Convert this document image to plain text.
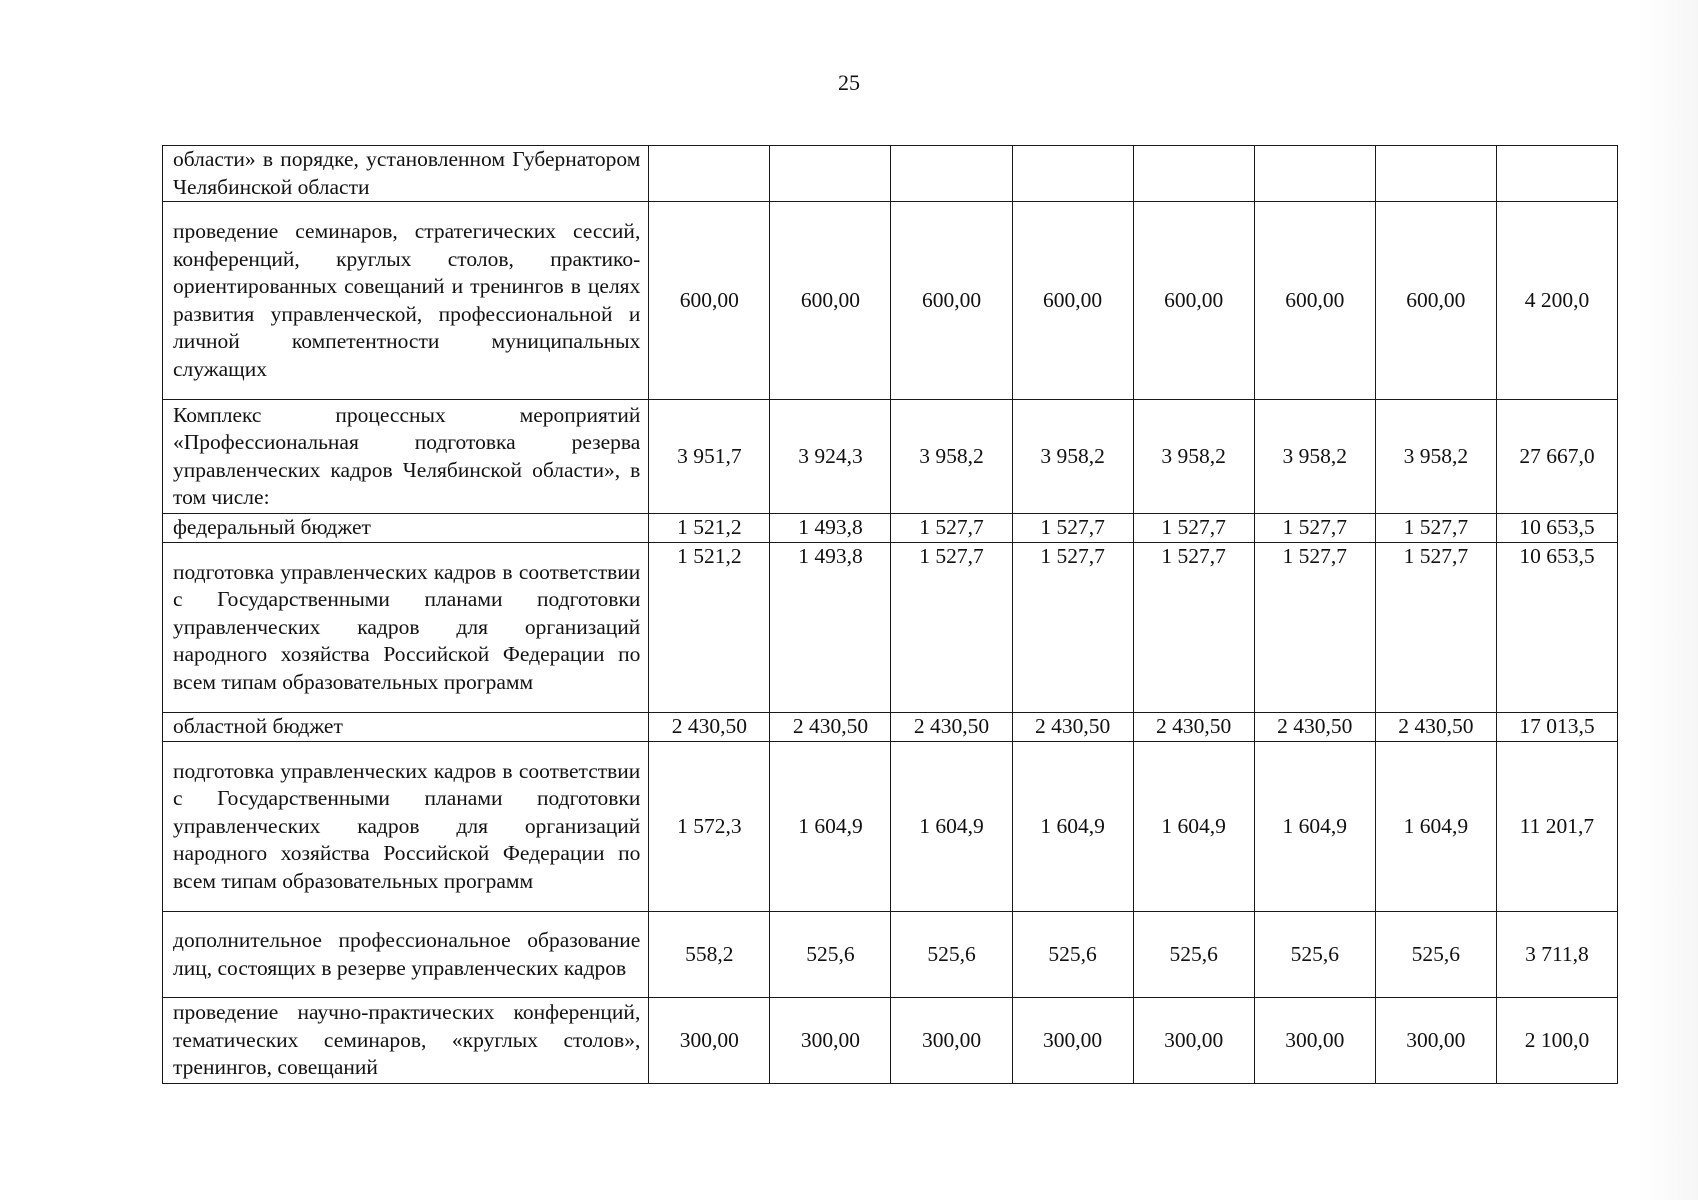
25
области» в порядке, установленном Губернатором Челябинской области								
проведение семинаров, стратегических сессий, конференций, круглых столов, практико-ориентированных совещаний и тренингов в целях развития управленческой, профессиональной и личной компетентности муниципальных служащих	600,00	600,00	600,00	600,00	600,00	600,00	600,00	4 200,0
Комплекс процессных мероприятий «Профессиональная подготовка резерва управленческих кадров Челябинской области», в том числе:	3 951,7	3 924,3	3 958,2	3 958,2	3 958,2	3 958,2	3 958,2	27 667,0
федеральный бюджет	1 521,2	1 493,8	1 527,7	1 527,7	1 527,7	1 527,7	1 527,7	10 653,5
подготовка управленческих кадров в соответствии с Государственными планами подготовки управленческих кадров для организаций народного хозяйства Российской Федерации по всем типам образовательных программ	1 521,2	1 493,8	1 527,7	1 527,7	1 527,7	1 527,7	1 527,7	10 653,5
областной бюджет	2 430,50	2 430,50	2 430,50	2 430,50	2 430,50	2 430,50	2 430,50	17 013,5
подготовка управленческих кадров в соответствии с Государственными планами подготовки управленческих кадров для организаций народного хозяйства Российской Федерации по всем типам образовательных программ	1 572,3	1 604,9	1 604,9	1 604,9	1 604,9	1 604,9	1 604,9	11 201,7
дополнительное профессиональное образование лиц, состоящих в резерве управленческих кадров	558,2	525,6	525,6	525,6	525,6	525,6	525,6	3 711,8
проведение научно-практических конференций, тематических семинаров, «круглых столов», тренингов, совещаний	300,00	300,00	300,00	300,00	300,00	300,00	300,00	2 100,0
